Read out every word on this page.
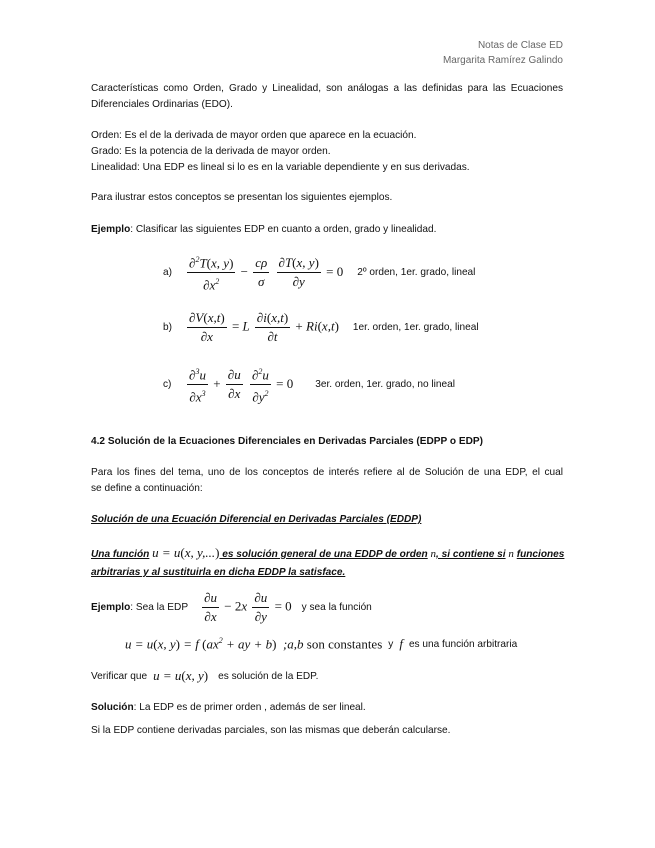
Notas de Clase ED
Margarita Ramírez Galindo
Características como Orden, Grado y Linealidad, son análogas a las definidas para las Ecuaciones
Diferenciales Ordinarias (EDO).
Orden: Es el de la derivada de mayor orden que aparece en la ecuación.
Grado: Es la potencia de la derivada de mayor orden.
Linealidad: Una EDP es lineal si lo es en la variable dependiente y en sus derivadas.
Para ilustrar estos conceptos se presentan los siguientes ejemplos.
Ejemplo: Clasificar las siguientes EDP en cuanto a orden, grado y linealidad.
a)	$\frac{\partial^2T(x, y)}{\partial x^2} - \frac{c\rho}{\sigma}$
$\frac{\partial T(x, y)}{\partial y} = 0$ 2º orden, 1er. grado, lineal
b)	$\frac{\partial V(x,t)}{\partial x} = L \frac{\partial i(x,t)}{\partial t} + Ri(x,t)$ 1er. orden, 1er. grado, lineal
c)	$\frac{\partial^3u}{\partial x^3} + \frac{\partial u}{\partial x}$
$\frac{\partial^2u}{\partial y^2} = 0$ 3er. orden, 1er. grado, no lineal
4.2 Solución de la Ecuaciones Diferenciales en Derivadas Parciales (EDPP o EDP)
Para los fines del tema, uno de los conceptos de interés refiere al de Solución de una EDP, el cual
se define a continuación:
Solución de una Ecuación Diferencial en Derivadas Parciales (EDDP)
Una función u = u(x, y,...) es solución general de una EDDP de orden n, si contiene si n funciones
arbitrarias y al sustituirla en dicha EDDP la satisface.
Ejemplo : Sea la EDP $\frac{\partial u}{\partial x} - 2x \frac{\partial u}{\partial y} = 0$ y sea la función
u = u(x, y) = f ($ax^2$ + ay + b)  ;a,b son constantes y f es una función arbitraria
Verificar que u = u(x, y) es solución de la EDP.
Solución: La EDP es de primer orden , además de ser lineal.
Si la EDP contiene derivadas parciales, son las mismas que deberán calcularse.
